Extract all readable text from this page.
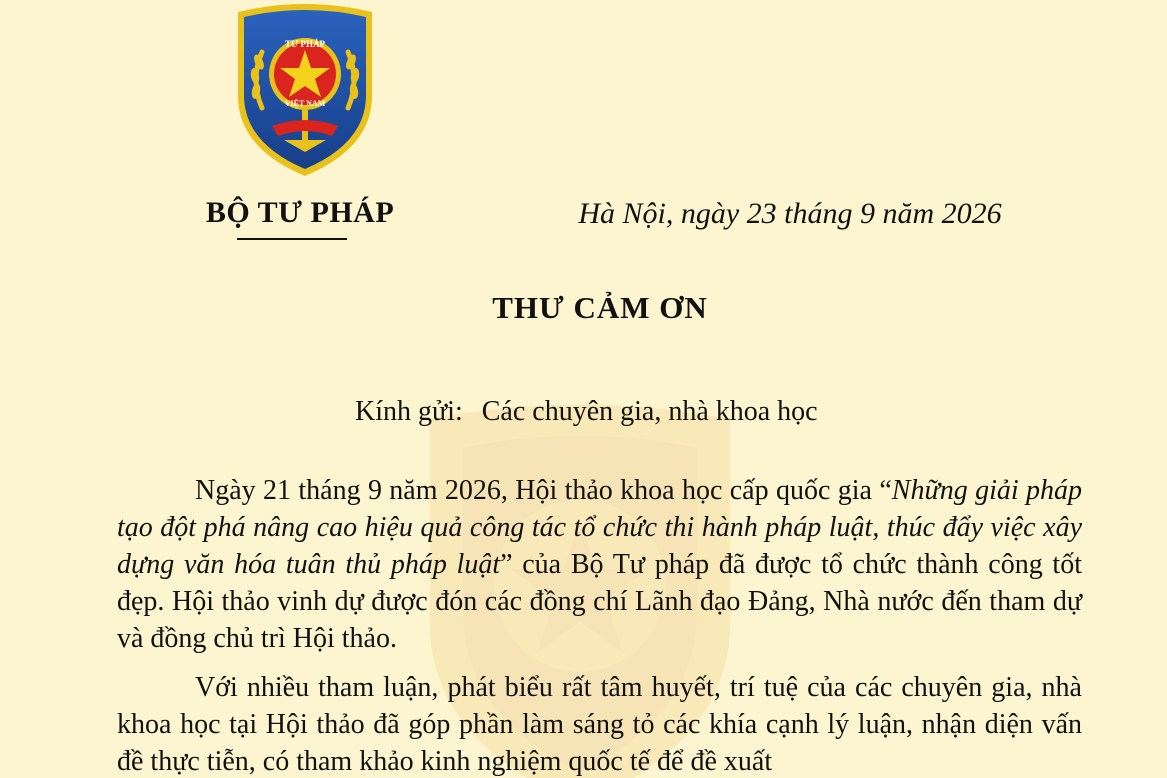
TƯ PHÁP
VIỆT NAM
BỘ TƯ PHÁP	Hà Nội, ngày 23 tháng 9 năm 2026
THƯ CẢM ƠN
Kính gửi: Các chuyên gia, nhà khoa học

Ngày 21 tháng 9 năm 2026, Hội thảo khoa học cấp quốc gia “Những giải pháp tạo đột phá nâng cao hiệu quả công tác tổ chức thi hành pháp luật, thúc đẩy việc xây dựng văn hóa tuân thủ pháp luật” của Bộ Tư pháp đã được tổ chức thành công tốt đẹp. Hội thảo vinh dự được đón các đồng chí Lãnh đạo Đảng, Nhà nước đến tham dự và đồng chủ trì Hội thảo.

Với nhiều tham luận, phát biểu rất tâm huyết, trí tuệ của các chuyên gia, nhà khoa học tại Hội thảo đã góp phần làm sáng tỏ các khía cạnh lý luận, nhận diện vấn đề thực tiễn, có tham khảo kinh nghiệm quốc tế để đề xuất
